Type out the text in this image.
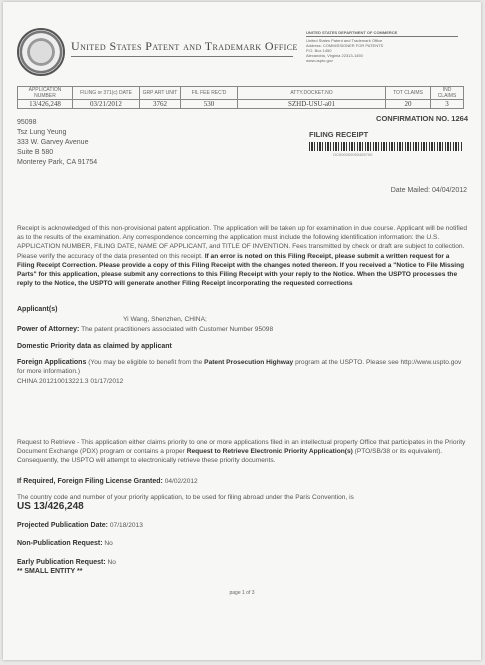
United States Patent and Trademark Office
UNITED STATES DEPARTMENT OF COMMERCE
United States Patent and Trademark Office
Address: COMMISSIONER FOR PATENTS
P.O. Box 1450
Alexandria, Virginia 22313-1450
www.uspto.gov
APPLICATION NUMBER	FILING or 371(c) DATE	GRP ART UNIT	FIL FEE REC'D	ATTY.DOCKET.NO	TOT CLAIMS	IND CLAIMS
13/426,248	03/21/2012	3762	530	SZHD-USU-a01	20	3
CONFIRMATION NO. 1264
FILING RECEIPT
OC000000053455700
95098
Tsz Lung Yeung
333 W. Garvey Avenue
Suite B 580
Monterey Park, CA 91754
Date Mailed: 04/04/2012
Receipt is acknowledged of this non-provisional patent application. The application will be taken up for examination in due course. Applicant will be notified as to the results of the examination. Any correspondence concerning the application must include the following identification information: the U.S. APPLICATION NUMBER, FILING DATE, NAME OF APPLICANT, and TITLE OF INVENTION. Fees transmitted by check or draft are subject to collection. Please verify the accuracy of the data presented on this receipt. If an error is noted on this Filing Receipt, please submit a written request for a Filing Receipt Correction. Please provide a copy of this Filing Receipt with the changes noted thereon. If you received a "Notice to File Missing Parts" for this application, please submit any corrections to this Filing Receipt with your reply to the Notice. When the USPTO processes the reply to the Notice, the USPTO will generate another Filing Receipt incorporating the requested corrections
Applicant(s)
Yi Wang, Shenzhen, CHINA;
Power of Attorney: The patent practitioners associated with Customer Number 95098
Domestic Priority data as claimed by applicant
Foreign Applications (You may be eligible to benefit from the Patent Prosecution Highway program at the USPTO. Please see http://www.uspto.gov for more information.)
CHINA 201210013221.3 01/17/2012
Request to Retrieve - This application either claims priority to one or more applications filed in an intellectual property Office that participates in the Priority Document Exchange (PDX) program or contains a proper Request to Retrieve Electronic Priority Application(s) (PTO/SB/38 or its equivalent). Consequently, the USPTO will attempt to electronically retrieve these priority documents.
If Required, Foreign Filing License Granted: 04/02/2012
The country code and number of your priority application, to be used for filing abroad under the Paris Convention, is
US 13/426,248
Projected Publication Date: 07/18/2013
Non-Publication Request: No
Early Publication Request: No
** SMALL ENTITY **
page 1 of 3
